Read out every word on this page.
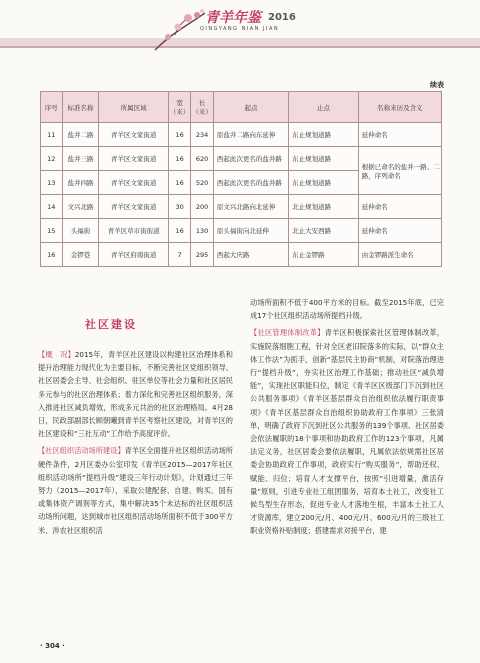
青羊年鉴 2016
QINGYANG NIAN JIAN
续表
序号	标准名称	所属区域	宽（米）	长（米）	起点	止点	名称来历及含义
11	盐井二路	青羊区文家街道	16	234	原盐井二路向东延伸	东止规划道路	延伸命名
12	盐井三路	青羊区文家街道	16	620	西起此次更名的盐井路	东止规划道路	根据已命名的盐井一路、二路，序列命名
13	盐井四路	青羊区文家街道	16	520	西起此次更名的盐井路	东止规划道路	
14	文兴北路	青羊区文家街道	30	200	原文兴北路向北延伸	北止规划道路	延伸命名
15	头福街	青羊区草市街街道	16	130	原头福街向北延伸	北止大安西路	延伸命名
16	金锣巷	青羊区府南街道	7	295	西起大庆路	东止金锣路	由金锣路派生命名
社区建设

【概　况】2015年，青羊区社区建设以构建社区治理体系和提升治理能力现代化为主要目标，不断完善社区党组织领导、社区居委会主导、社会组织、驻区单位等社会力量和社区居民多元参与的社区治理体系；着力深化和完善社区组织服务，深入推进社区减负增效，形成多元共治的社区治理格局。4月28日，民政部副部长顾朝曦到青羊区考察社区建设，对青羊区的社区建设和“三社互动”工作给予高度评价。

【社区组织活动场所建设】青羊区全面提升社区组织活动场所硬件条件，2月区委办公室印发《青羊区2015—2017年社区组织活动场所“提档升级”建设三年行动计划》，计划通过三年努力（2015—2017年），采取公建配套、自建、购买、国有或集体资产调剂等方式，集中解决35个未达标的社区组织活动场所问题，达到城市社区组织活动场所面积不低于300平方米、涉农社区组织活

动场所面积不低于400平方米的目标。截至2015年底，已完成17个社区组织活动场所提档升级。

【社区管理体制改革】青羊区积极探索社区管理体制改革，实施院落细胞工程，针对全区老旧院落多的实际，以“群众主体工作法”为抓手，创新“基层民主协商”机制，对院落治理进行“提档升级”，夯实社区治理工作基础；推动社区“减负增能”，实现社区职能归位，制定《青羊区区级部门下沉到社区公共服务事项》《青羊区基层群众自治组织依法履行职责事项》《青羊区基层群众自治组织协助政府工作事项》三张清单，明确了政府下沉到社区公共服务的139个事项、社区居委会依法履职的18个事项和协助政府工作的123个事项，凡属法定义务，社区居委会要依法履职，凡属依法依规需社区居委会协助政府工作事项，政府实行“购买服务”，帮助还权、赋能、归位；培育人才支撑平台，按照“引进增量，激活存量”原则，引进专业社工组团服务，培育本土社工，改变社工候鸟型生存形态，促进专业人才落地生根，丰富本土社工人才资源库，建立200元/月、400元/月、600元/月的三级社工职业资格补贴制度；搭建需求对接平台，建

· 304 ·
